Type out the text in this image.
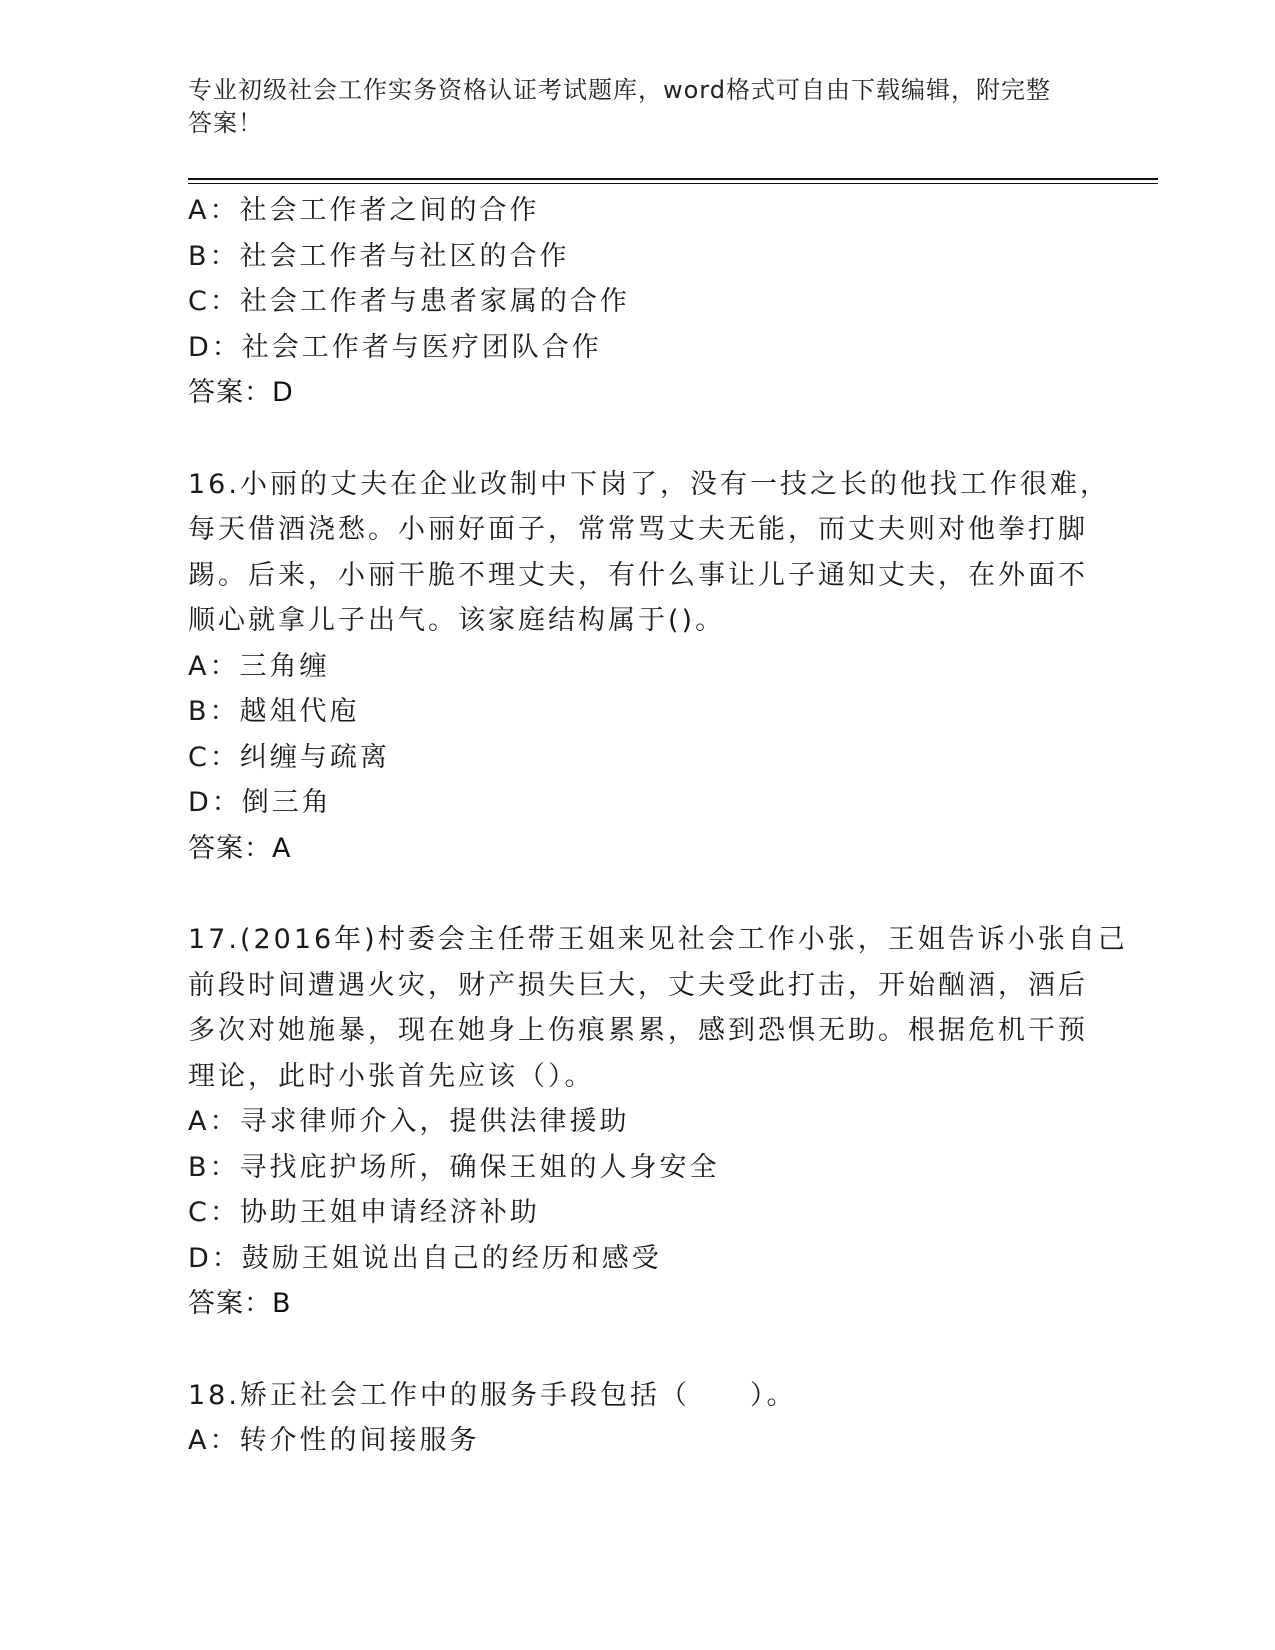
专业初级社会工作实务资格认证考试题库，word格式可自由下载编辑，附完整答案！
A：社会工作者之间的合作
B：社会工作者与社区的合作
C：社会工作者与患者家属的合作
D：社会工作者与医疗团队合作
答案：D
16.小丽的丈夫在企业改制中下岗了，没有一技之长的他找工作很难，
每天借酒浇愁。小丽好面子，常常骂丈夫无能，而丈夫则对他拳打脚
踢。后来，小丽干脆不理丈夫，有什么事让儿子通知丈夫，在外面不
顺心就拿儿子出气。该家庭结构属于()。
A：三角缠
B：越俎代庖
C：纠缠与疏离
D：倒三角
答案：A
17.(2016年)村委会主任带王姐来见社会工作小张，王姐告诉小张自己
前段时间遭遇火灾，财产损失巨大，丈夫受此打击，开始酗酒，酒后
多次对她施暴，现在她身上伤痕累累，感到恐惧无助。根据危机干预
理论，此时小张首先应该（）。
A：寻求律师介入，提供法律援助
B：寻找庇护场所，确保王姐的人身安全
C：协助王姐申请经济补助
D：鼓励王姐说出自己的经历和感受
答案：B
18.矫正社会工作中的服务手段包括（　　）。
A：转介性的间接服务
